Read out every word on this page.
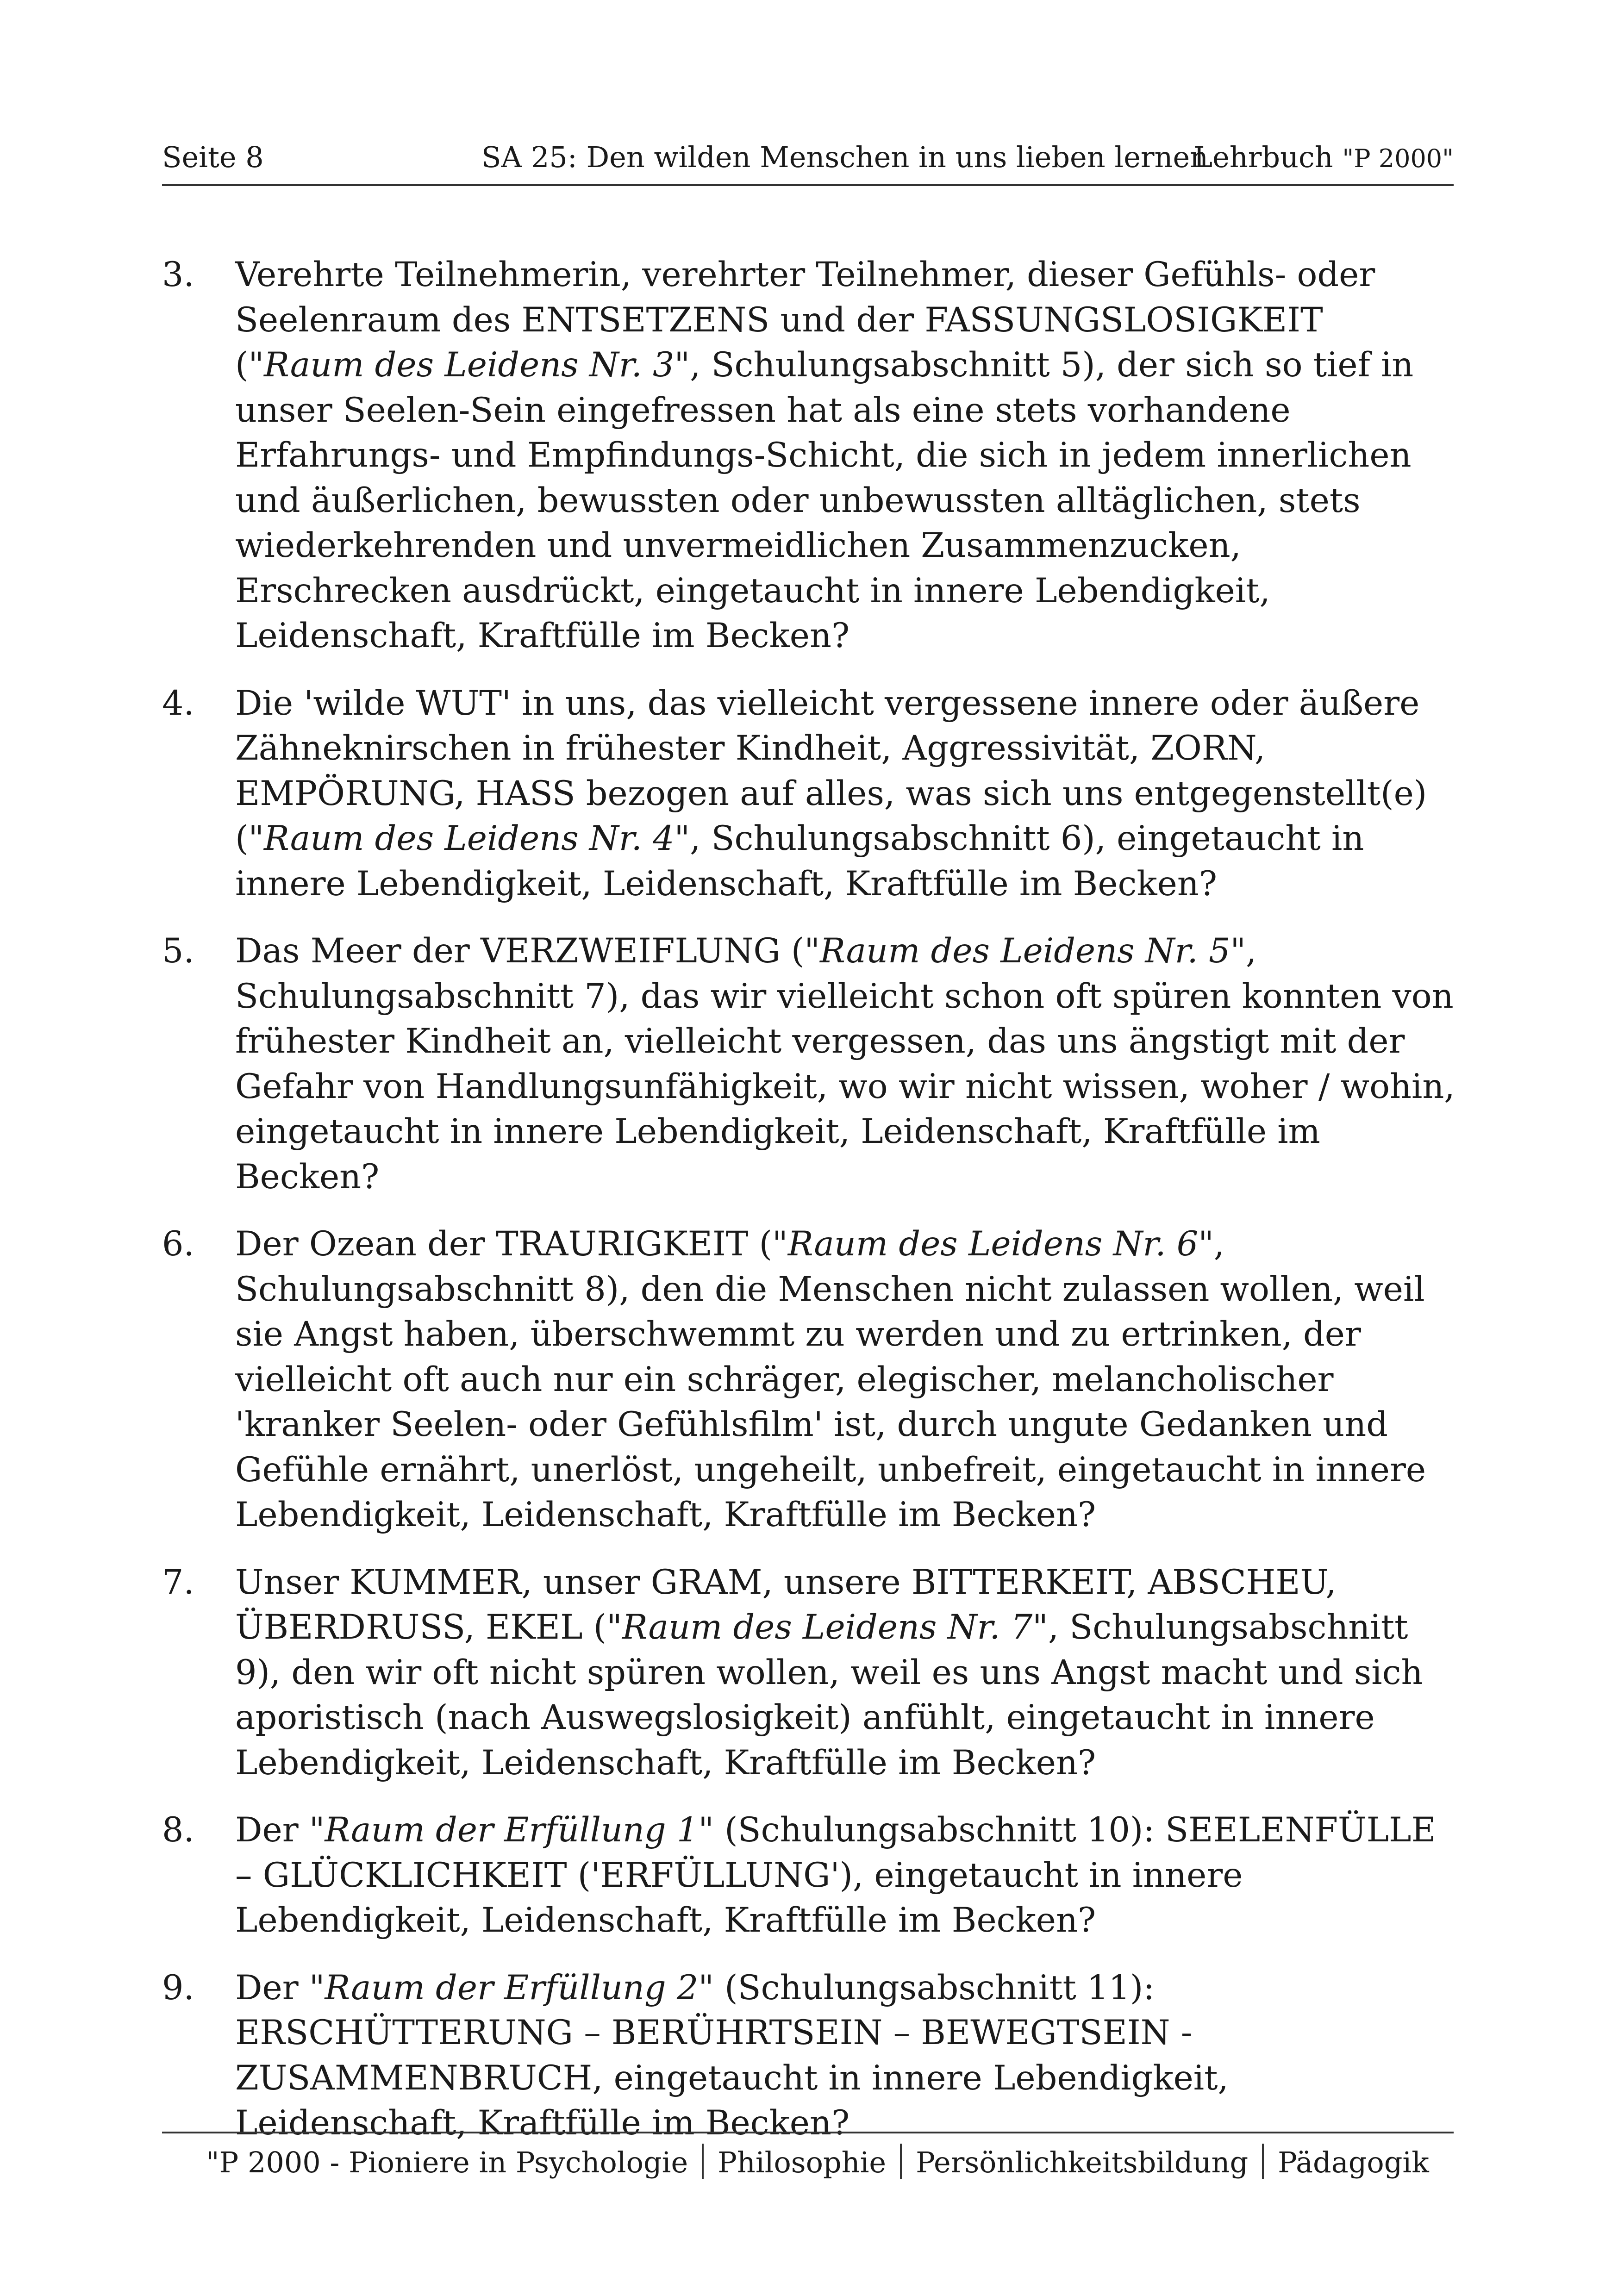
Seite 8	SA 25: Den wilden Menschen in uns lieben lernen
Lehrbuch "P 2000"
3. Verehrte Teilnehmerin, verehrter Teilnehmer, dieser Gefühls- oder Seelenraum des ENTSETZENS und der FASSUNGSLOSIGKEIT ("Raum des Leidens Nr. 3", Schulungsabschnitt 5), der sich so tief in unser Seelen-Sein eingefressen hat als eine stets vorhandene Erfahrungs- und Empfindungs-Schicht, die sich in jedem innerlichen und äußerlichen, bewussten oder unbewussten alltäglichen, stets wiederkehrenden und unvermeidlichen Zusammenzucken, Erschrecken ausdrückt, eingetaucht in innere Lebendigkeit, Leidenschaft, Kraftfülle im Becken?

4. Die 'wilde WUT' in uns, das vielleicht vergessene innere oder äußere Zähneknirschen in frühester Kindheit, Aggressivität, ZORN, EMPÖRUNG, HASS bezogen auf alles, was sich uns entgegenstellt(e) ("Raum des Leidens Nr. 4", Schulungsabschnitt 6), eingetaucht in innere Lebendigkeit, Leidenschaft, Kraftfülle im Becken?

5. Das Meer der VERZWEIFLUNG ("Raum des Leidens Nr. 5", Schulungsabschnitt 7), das wir vielleicht schon oft spüren konnten von frühester Kindheit an, vielleicht vergessen, das uns ängstigt mit der Gefahr von Handlungsunfähigkeit, wo wir nicht wissen, woher / wohin, eingetaucht in innere Lebendigkeit, Leidenschaft, Kraftfülle im Becken?

6. Der Ozean der TRAURIGKEIT ("Raum des Leidens Nr. 6", Schulungsabschnitt 8), den die Menschen nicht zulassen wollen, weil sie Angst haben, überschwemmt zu werden und zu ertrinken, der vielleicht oft auch nur ein schräger, elegischer, melancholischer 'kranker Seelen- oder Gefühlsfilm' ist, durch ungute Gedanken und Gefühle ernährt, unerlöst, ungeheilt, unbefreit, eingetaucht in innere Lebendigkeit, Leidenschaft, Kraftfülle im Becken?

7. Unser KUMMER, unser GRAM, unsere BITTERKEIT, ABSCHEU, ÜBERDRUSS, EKEL ("Raum des Leidens Nr. 7", Schulungsabschnitt 9), den wir oft nicht spüren wollen, weil es uns Angst macht und sich aporistisch (nach Auswegslosigkeit) anfühlt, eingetaucht in innere Lebendigkeit, Leidenschaft, Kraftfülle im Becken?

8. Der "Raum der Erfüllung 1" (Schulungsabschnitt 10): SEELENFÜLLE – GLÜCKLICHKEIT ('ERFÜLLUNG'), eingetaucht in innere Lebendigkeit, Leidenschaft, Kraftfülle im Becken?

9. Der "Raum der Erfüllung 2" (Schulungsabschnitt 11): ERSCHÜTTERUNG – BERÜHRTSEIN – BEWEGTSEIN - ZUSAMMENBRUCH, eingetaucht in innere Lebendigkeit, Leidenschaft, Kraftfülle im Becken?

"P 2000 - Pioniere in Psychologie Philosophie Persönlichkeitsbildung Pädagogik
